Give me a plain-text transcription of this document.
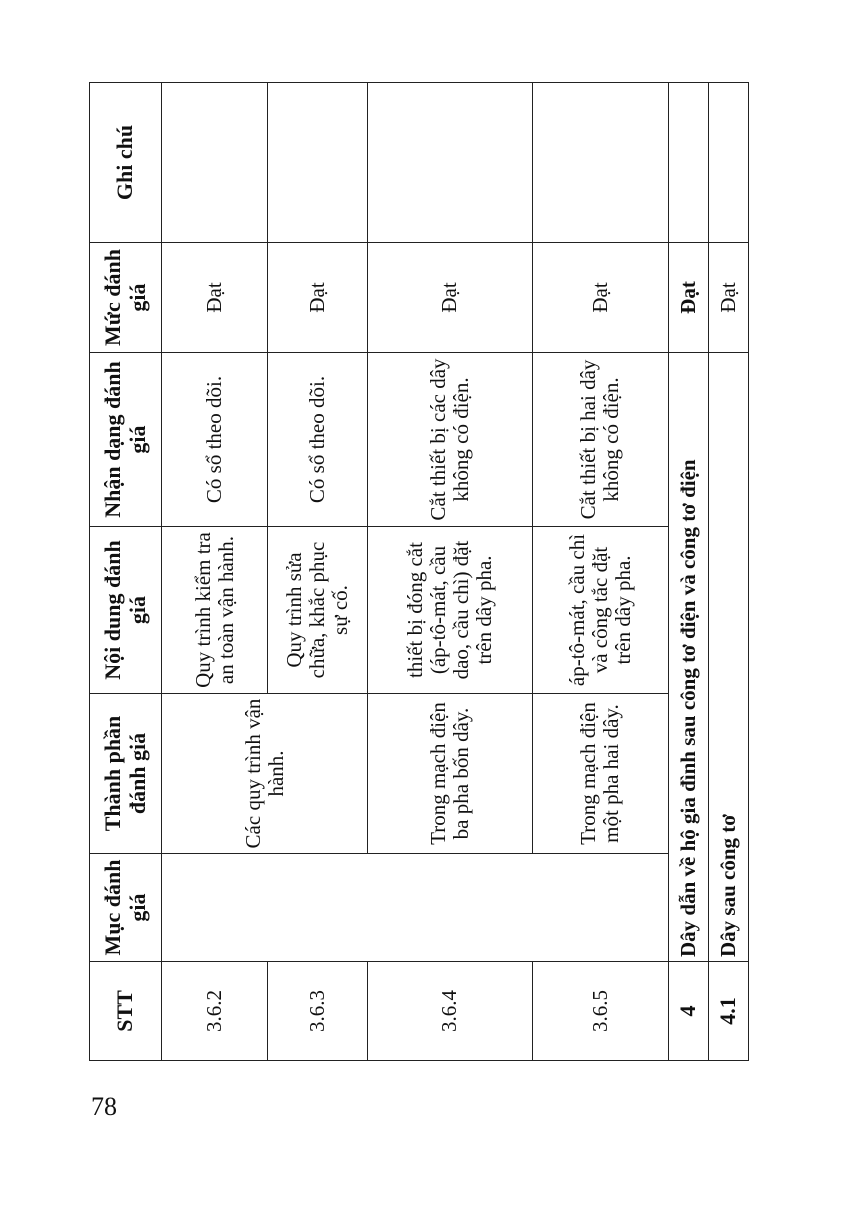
STT	Mục đánh giá	Thành phần đánh giá	Nội dung đánh giá	Nhận dạng đánh giá	Mức đánh giá	Ghi chú
3.6.2		Các quy trình vận hành.	Quy trình kiểm tra an toàn vận hành.	Có sổ theo dõi.	Đạt	
3.6.3			Quy trình sửa chữa, khắc phục sự cố.	Có sổ theo dõi.	Đạt	
3.6.4		Trong mạch điện ba pha bốn dây.	thiết bị đóng cắt (áp-tô-mát, cầu dao, cầu chì) đặt trên dây pha.	Cắt thiết bị các dây không có điện.	Đạt	
3.6.5		Trong mạch điện một pha hai dây.	áp-tô-mát, cầu chì và công tắc đặt trên dây pha.	Cắt thiết bị hai dây không có điện.	Đạt	
4	Dây dẫn về hộ gia đình sau công tơ điện và công tơ điện				Đạt	
4.1	Dây sau công tơ				Đạt	
78
